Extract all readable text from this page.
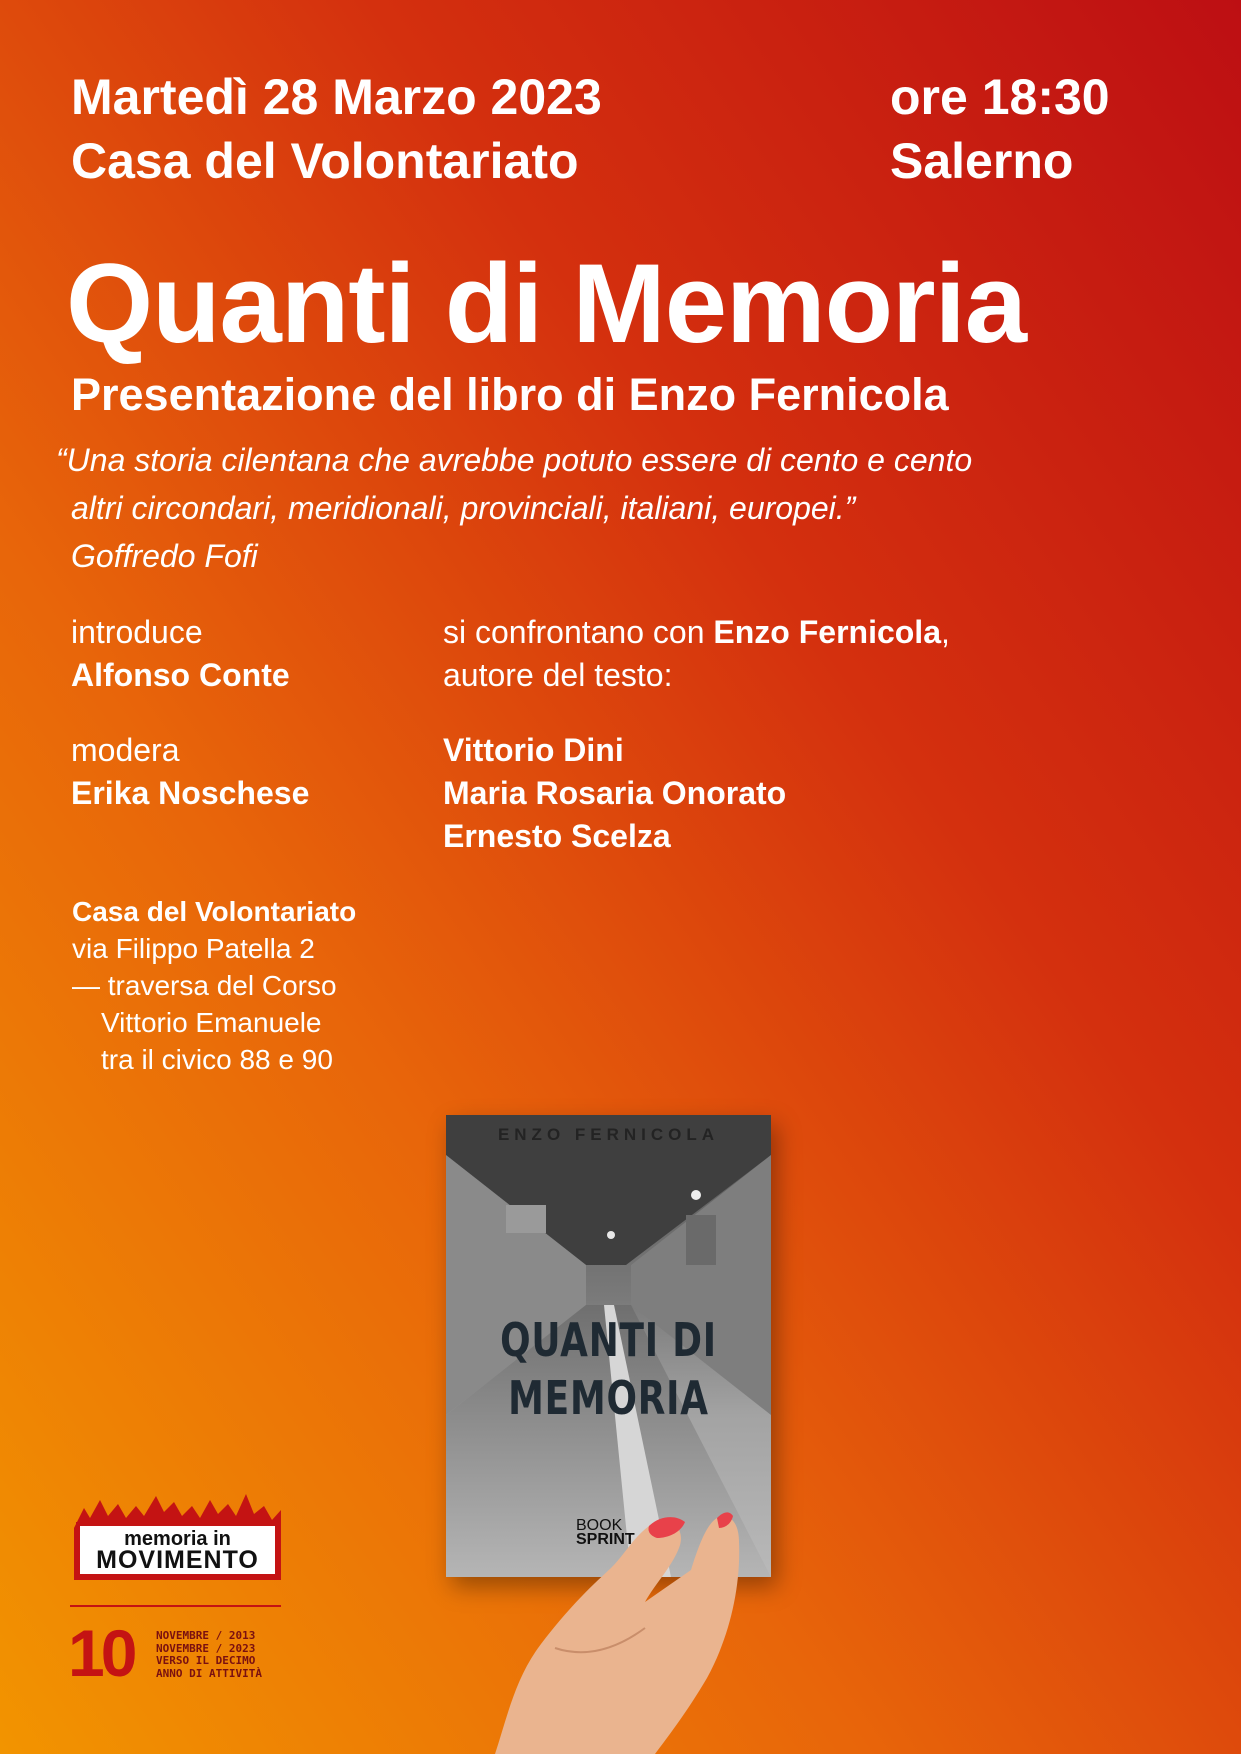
Martedì 28 Marzo 2023	ore 18:30
Casa del Volontariato	Salerno
Quanti di Memoria
Presentazione del libro di Enzo Fernicola
“Una storia cilentana che avrebbe potuto essere di cento e cento
altri circondari, meridionali, provinciali, italiani, europei.”
Goffredo Fofi
introduce
Alfonso Conte
modera
Erika Noschese
si confrontano con Enzo Fernicola,
autore del testo:
Vittorio Dini
Maria Rosaria Onorato
Ernesto Scelza
Casa del Volontariato
via Filippo Patella 2
— traversa del Corso
Vittorio Emanuele
tra il civico 88 e 90
ENZO FERNICOLA
QUANTI DI
MEMORIA
BOOK
SPRINT
memoria in
MOVIMENTO
10 NOVEMBRE / 2013
NOVEMBRE / 2023
VERSO IL DECIMO
ANNO DI ATTIVITÀ
